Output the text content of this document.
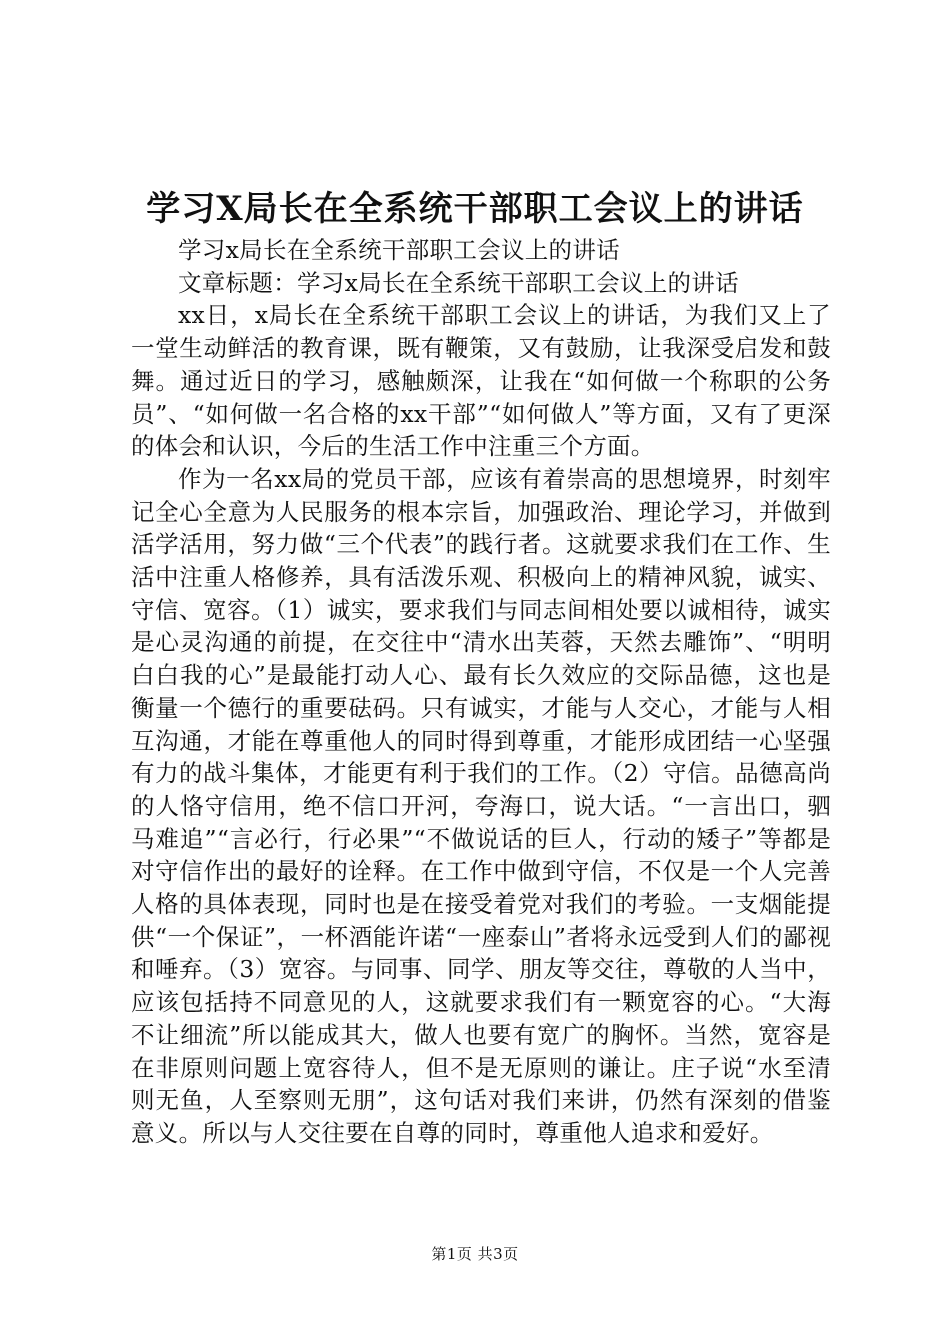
学习X局长在全系统干部职工会议上的讲话

学习x局长在全系统干部职工会议上的讲话

文章标题：学习x局长在全系统干部职工会议上的讲话

xx日，x局长在全系统干部职工会议上的讲话，为我们又上了一堂生动鲜活的教育课，既有鞭策，又有鼓励，让我深受启发和鼓舞。通过近日的学习，感触颇深，让我在“如何做一个称职的公务员”、“如何做一名合格的xx干部”“如何做人”等方面，又有了更深的体会和认识，今后的生活工作中注重三个方面。

作为一名xx局的党员干部，应该有着崇高的思想境界，时刻牢记全心全意为人民服务的根本宗旨，加强政治、理论学习，并做到活学活用，努力做“三个代表”的践行者。这就要求我们在工作、生活中注重人格修养，具有活泼乐观、积极向上的精神风貌，诚实、守信、宽容。（1）诚实，要求我们与同志间相处要以诚相待，诚实是心灵沟通的前提，在交往中“清水出芙蓉，天然去雕饰”、“明明白白我的心”是最能打动人心、最有长久效应的交际品德，这也是衡量一个德行的重要砝码。只有诚实，才能与人交心，才能与人相互沟通，才能在尊重他人的同时得到尊重，才能形成团结一心坚强有力的战斗集体，才能更有利于我们的工作。（2）守信。品德高尚的人恪守信用，绝不信口开河，夸海口，说大话。“一言出口，驷马难追”“言必行，行必果”“不做说话的巨人，行动的矮子”等都是对守信作出的最好的诠释。在工作中做到守信，不仅是一个人完善人格的具体表现，同时也是在接受着党对我们的考验。一支烟能提供“一个保证”，一杯酒能许诺“一座泰山”者将永远受到人们的鄙视和唾弃。（3）宽容。与同事、同学、朋友等交往，尊敬的人当中，应该包括持不同意见的人，这就要求我们有一颗宽容的心。“大海不让细流”所以能成其大，做人也要有宽广的胸怀。当然，宽容是在非原则问题上宽容待人，但不是无原则的谦让。庄子说“水至清则无鱼，人至察则无朋”，这句话对我们来讲，仍然有深刻的借鉴意义。所以与人交往要在自尊的同时，尊重他人追求和爱好。

第1页 共3页
